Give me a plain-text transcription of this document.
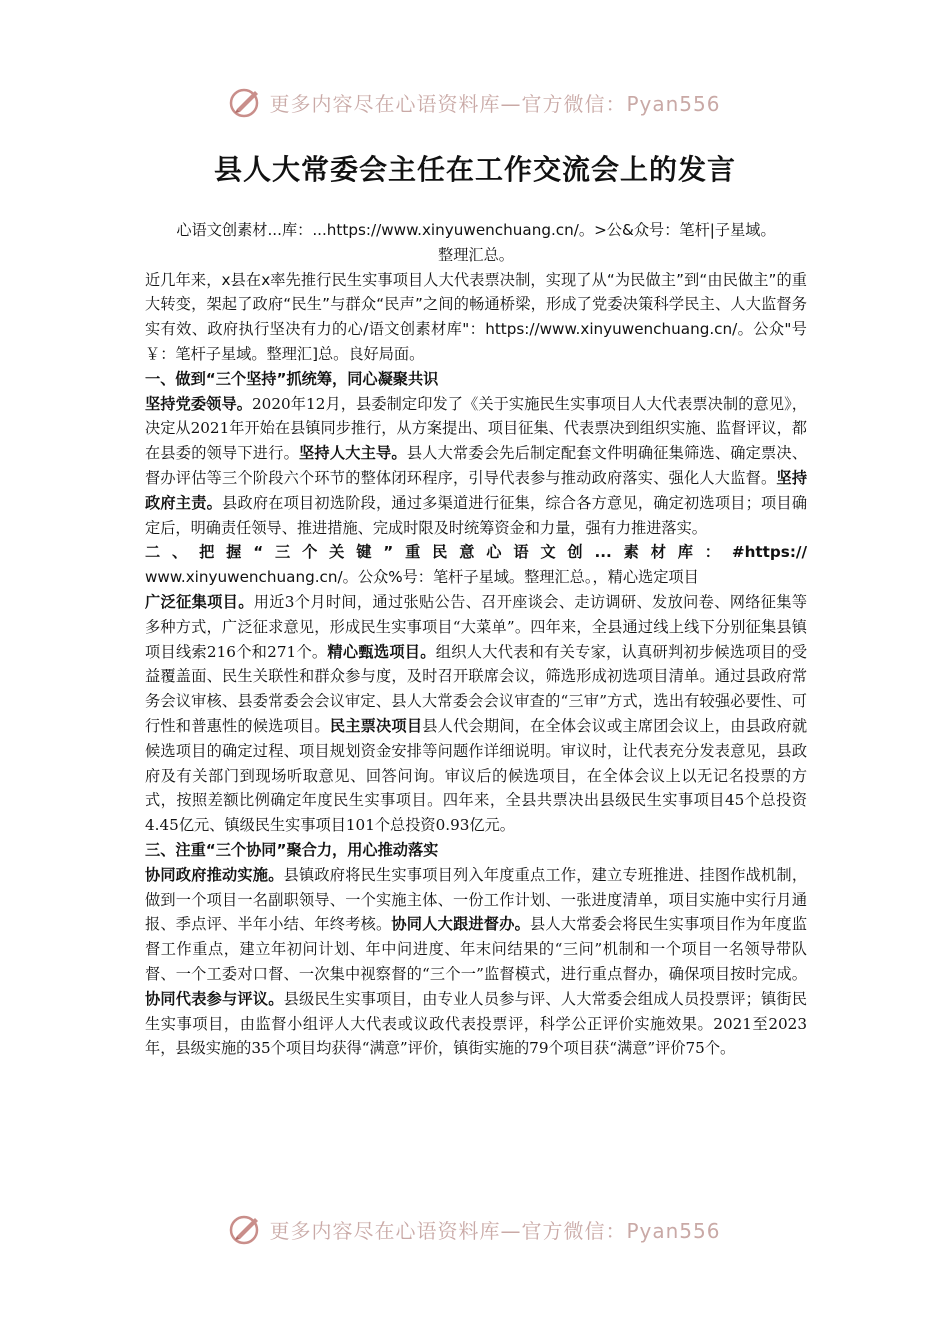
更多内容尽在心语资料库—官方微信：Pyan556
县人大常委会主任在工作交流会上的发言

心语文创素材...库：...https://www.xinyuwenchuang.cn/。>公&众号：笔杆|子星域。
整理汇总。

近几年来，x县在x率先推行民生实事项目人大代表票决制，实现了从“为民做主”到“由民做主”的重大转变，架起了政府“民生”与群众“民声”之间的畅通桥梁，形成了党委决策科学民主、人大监督务实有效、政府执行坚决有力的心/语文创素材库"：https://www.xinyuwenchuang.cn/。公众"号￥：笔杆子星域。整理汇]总。良好局面。

一、做到“三个坚持”抓统筹，同心凝聚共识

坚持党委领导。2020年12月，县委制定印发了《关于实施民生实事项目人大代表票决制的意见》，决定从2021年开始在县镇同步推行，从方案提出、项目征集、代表票决到组织实施、监督评议，都在县委的领导下进行。坚持人大主导。县人大常委会先后制定配套文件明确征集筛选、确定票决、督办评估等三个阶段六个环节的整体闭环程序，引导代表参与推动政府落实、强化人大监督。坚持政府主责。县政府在项目初选阶段，通过多渠道进行征集，综合各方意见，确定初选项目；项目确定后，明确责任领导、推进措施、完成时限及时统筹资金和力量，强有力推进落实。

二、把握“三个关键”重民意心语文创...素材库：#https://

www.xinyuwenchuang.cn/。公众%号：笔杆子星域。整理汇总。，精心选定项目

广泛征集项目。用近3个月时间，通过张贴公告、召开座谈会、走访调研、发放问卷、网络征集等多种方式，广泛征求意见，形成民生实事项目“大菜单”。四年来，全县通过线上线下分别征集县镇项目线索216个和271个。精心甄选项目。组织人大代表和有关专家，认真研判初步候选项目的受益覆盖面、民生关联性和群众参与度，及时召开联席会议，筛选形成初选项目清单。通过县政府常务会议审核、县委常委会会议审定、县人大常委会会议审查的“三审”方式，选出有较强必要性、可行性和普惠性的候选项目。民主票决项目县人代会期间，在全体会议或主席团会议上，由县政府就候选项目的确定过程、项目规划资金安排等问题作详细说明。审议时，让代表充分发表意见，县政府及有关部门到现场听取意见、回答问询。审议后的候选项目，在全体会议上以无记名投票的方式，按照差额比例确定年度民生实事项目。四年来，全县共票决出县级民生实事项目45个总投资4.45亿元、镇级民生实事项目101个总投资0.93亿元。

三、注重“三个协同”聚合力，用心推动落实

协同政府推动实施。县镇政府将民生实事项目列入年度重点工作，建立专班推进、挂图作战机制，做到一个项目一名副职领导、一个实施主体、一份工作计划、一张进度清单，项目实施中实行月通报、季点评、半年小结、年终考核。协同人大跟进督办。县人大常委会将民生实事项目作为年度监督工作重点，建立年初问计划、年中问进度、年末问结果的“三问”机制和一个项目一名领导带队督、一个工委对口督、一次集中视察督的“三个一”监督模式，进行重点督办，确保项目按时完成。协同代表参与评议。县级民生实事项目，由专业人员参与评、人大常委会组成人员投票评；镇街民生实事项目，由监督小组评人大代表或议政代表投票评，科学公正评价实施效果。2021至2023年，县级实施的35个项目均获得“满意”评价，镇街实施的79个项目获“满意”评价75个。

更多内容尽在心语资料库—官方微信：Pyan556
